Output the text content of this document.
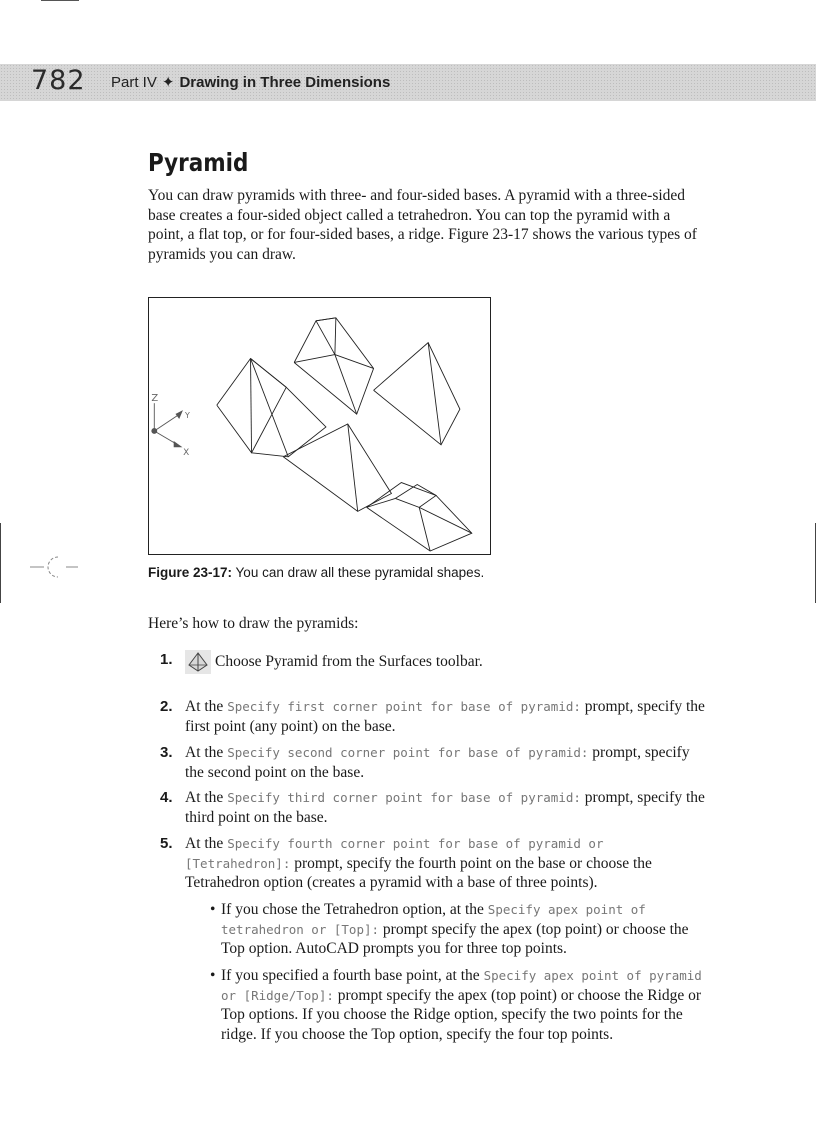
782 Part IV ✦ Drawing in Three Dimensions
Pyramid

You can draw pyramids with three- and four-sided bases. A pyramid with a three-sided base creates a four-sided object called a tetrahedron. You can top the pyramid with a point, a flat top, or for four-sided bases, a ridge. Figure 23-17 shows the various types of pyramids you can draw.

Z
Y
X
Figure 23-17: You can draw all these pyramidal shapes.

Here’s how to draw the pyramids:

1.	Choose Pyramid from the Surfaces toolbar.
2. At the Specify first corner point for base of pyramid: prompt, specify the first point (any point) on the base.
3. At the Specify second corner point for base of pyramid: prompt, specify the second point on the base.
4. At the Specify third corner point for base of pyramid: prompt, specify the third point on the base.
5. At the Specify fourth corner point for base of pyramid or [Tetrahedron]: prompt, specify the fourth point on the base or choose the Tetrahedron option (creates a pyramid with a base of three points).
• If you chose the Tetrahedron option, at the Specify apex point of tetrahedron or [Top]: prompt specify the apex (top point) or choose the Top option. AutoCAD prompts you for three top points.
• If you specified a fourth base point, at the Specify apex point of pyramid or [Ridge/Top]: prompt specify the apex (top point) or choose the Ridge or Top options. If you choose the Ridge option, specify the two points for the ridge. If you choose the Top option, specify the four top points.
